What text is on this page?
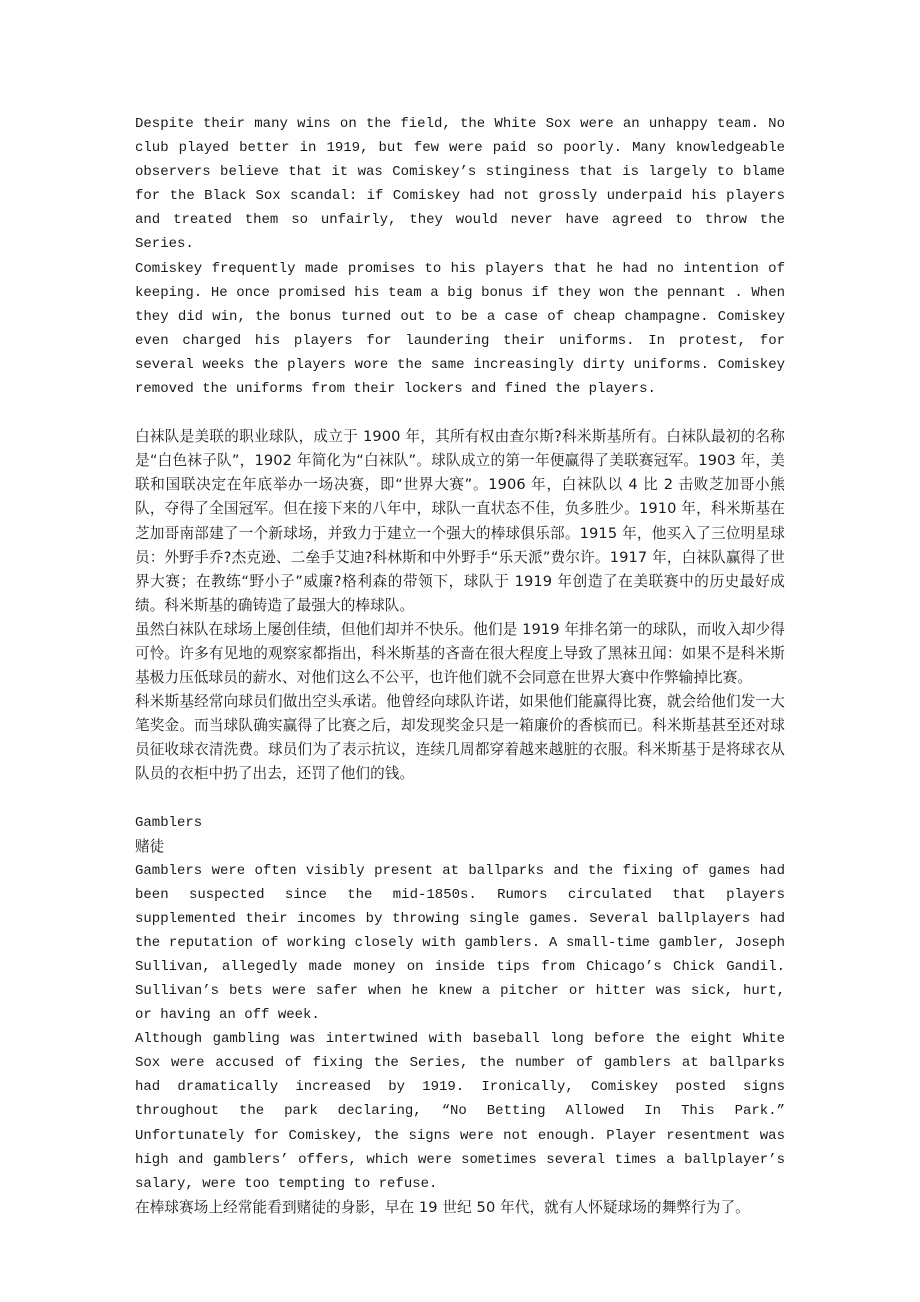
Despite their many wins on the field, the White Sox were an unhappy team. No club played better in 1919, but few were paid so poorly. Many knowledgeable observers believe that it was Comiskey’s stinginess that is largely to blame for the Black Sox scandal: if Comiskey had not grossly underpaid his players and treated them so unfairly, they would never have agreed to throw the Series.

Comiskey frequently made promises to his players that he had no intention of keeping. He once promised his team a big bonus if they won the pennant . When they did win, the bonus turned out to be a case of cheap champagne. Comiskey even charged his players for laundering their uniforms. In protest, for several weeks the players wore the same increasingly dirty uniforms. Comiskey removed the uniforms from their lockers and fined the players.

白袜队是美联的职业球队，成立于 1900 年，其所有权由查尔斯?科米斯基所有。白袜队最初的名称是“白色袜子队”，1902 年简化为“白袜队”。球队成立的第一年便赢得了美联赛冠军。1903 年，美联和国联决定在年底举办一场决赛，即“世界大赛”。1906 年，白袜队以 4 比 2 击败芝加哥小熊队，夺得了全国冠军。但在接下来的八年中，球队一直状态不佳，负多胜少。1910 年，科米斯基在芝加哥南部建了一个新球场，并致力于建立一个强大的棒球俱乐部。1915 年，他买入了三位明星球员：外野手乔?杰克逊、二垒手艾迪?科林斯和中外野手“乐天派”费尔许。1917 年，白袜队赢得了世界大赛；在教练“野小子”威廉?格利森的带领下，球队于 1919 年创造了在美联赛中的历史最好成绩。科米斯基的确铸造了最强大的棒球队。

虽然白袜队在球场上屡创佳绩，但他们却并不快乐。他们是 1919 年排名第一的球队，而收入却少得可怜。许多有见地的观察家都指出，科米斯基的吝啬在很大程度上导致了黑袜丑闻：如果不是科米斯基极力压低球员的薪水、对他们这么不公平，也许他们就不会同意在世界大赛中作弊输掉比赛。

科米斯基经常向球员们做出空头承诺。他曾经向球队许诺，如果他们能赢得比赛，就会给他们发一大笔奖金。而当球队确实赢得了比赛之后，却发现奖金只是一箱廉价的香槟而已。科米斯基甚至还对球员征收球衣清洗费。球员们为了表示抗议，连续几周都穿着越来越脏的衣服。科米斯基于是将球衣从队员的衣柜中扔了出去，还罚了他们的钱。

Gamblers

赌徒

Gamblers were often visibly present at ballparks and the fixing of games had been suspected since the mid-1850s. Rumors circulated that players supplemented their incomes by throwing single games. Several ballplayers had the reputation of working closely with gamblers. A small-time gambler, Joseph Sullivan, allegedly made money on inside tips from Chicago’s Chick Gandil. Sullivan’s bets were safer when he knew a pitcher or hitter was sick, hurt, or having an off week.

Although gambling was intertwined with baseball long before the eight White Sox were accused of fixing the Series, the number of gamblers at ballparks had dramatically increased by 1919. Ironically, Comiskey posted signs throughout the park declaring, “No Betting Allowed In This Park.” Unfortunately for Comiskey, the signs were not enough. Player resentment was high and gamblers’ offers, which were sometimes several times a ballplayer’s salary, were too tempting to refuse.

在棒球赛场上经常能看到赌徒的身影，早在 19 世纪 50 年代，就有人怀疑球场的舞弊行为了。
